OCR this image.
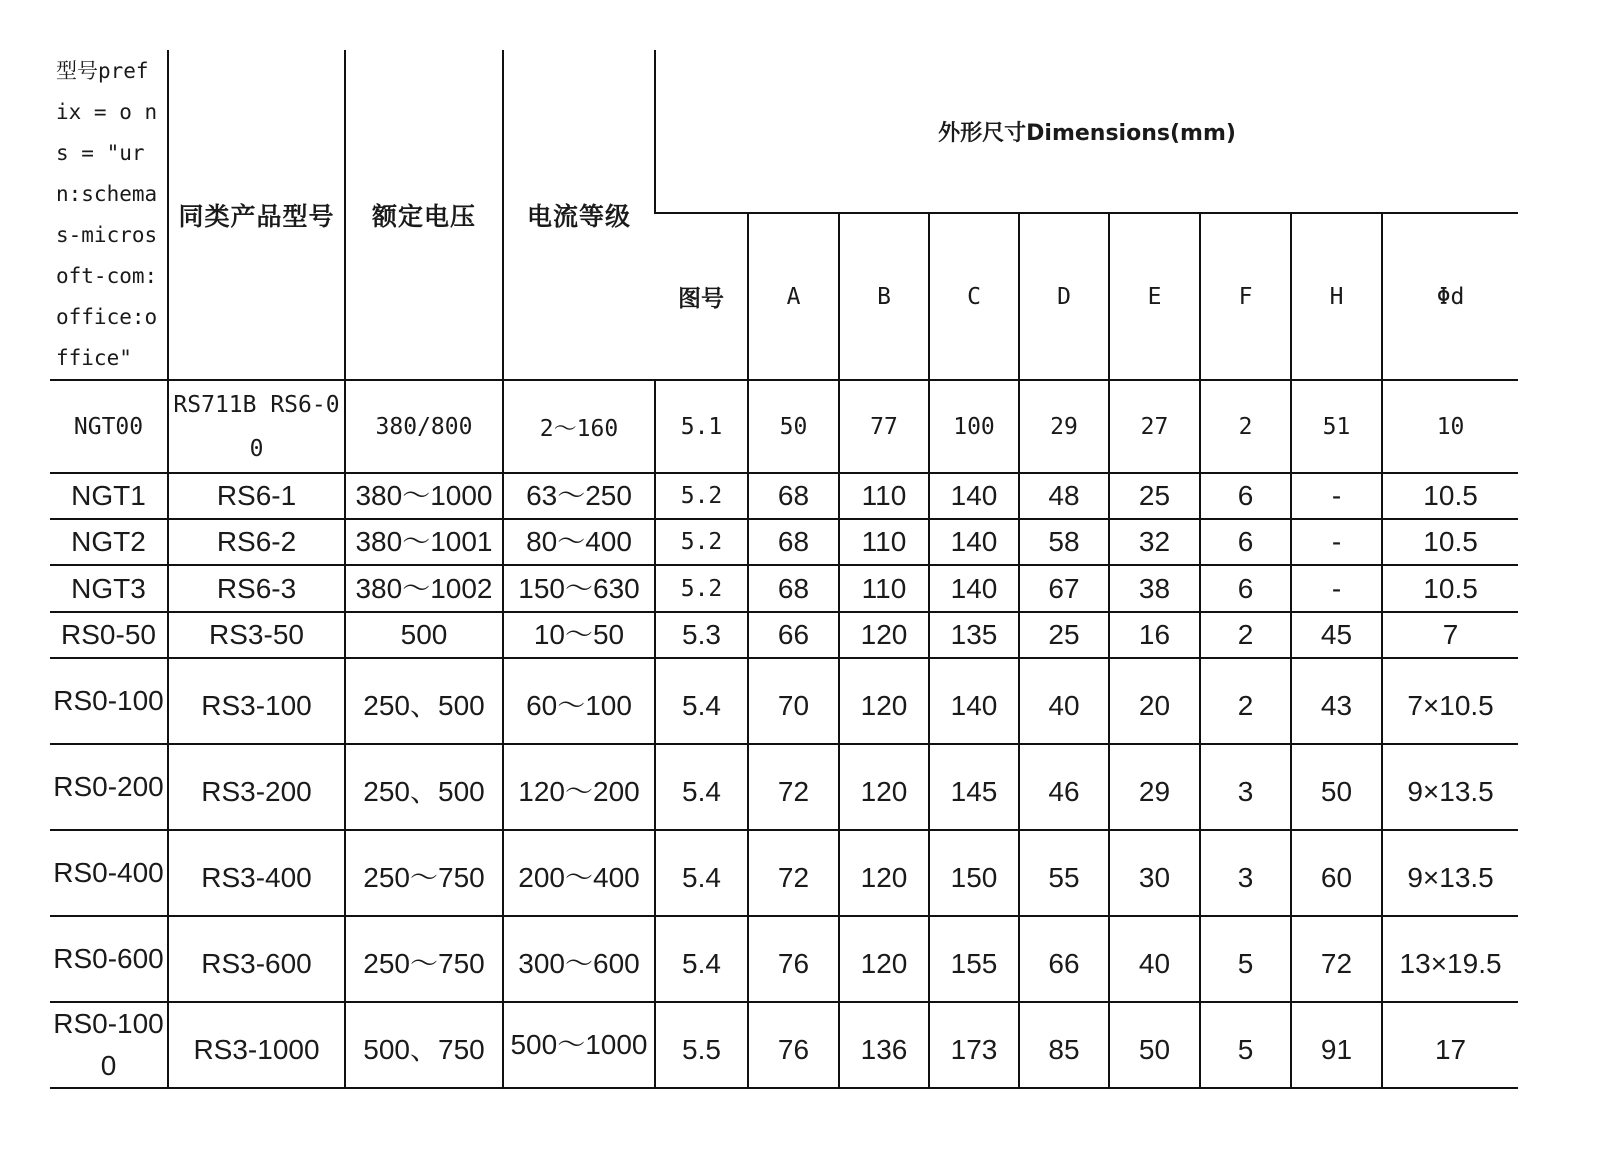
型号pref ix = o n s = "ur n:schema s-micros oft-com: office:o ffice"	同类产品型号	额定电压	电流等级	外形尺寸Dimensions(mm)								
				图号	A	B	C	D	E	F	H	Φd
NGT00	RS711B RS6-00	380/800	2～160	5.1	50	77	100	29	27	2	51	10
NGT1	RS6-1	380～1000	63～250	5.2	68	110	140	48	25	6	-	10.5
NGT2	RS6-2	380～1001	80～400	5.2	68	110	140	58	32	6	-	10.5
NGT3	RS6-3	380～1002	150～630	5.2	68	110	140	67	38	6	-	10.5
RS0-50	RS3-50	500	10～50	5.3	66	120	135	25	16	2	45	7
RS0-100	RS3-100	250、500	60～100	5.4	70	120	140	40	20	2	43	7×10.5
RS0-200	RS3-200	250、500	120～200	5.4	72	120	145	46	29	3	50	9×13.5
RS0-400	RS3-400	250～750	200～400	5.4	72	120	150	55	30	3	60	9×13.5
RS0-600	RS3-600	250～750	300～600	5.4	76	120	155	66	40	5	72	13×19.5
RS0-1000	RS3-1000	500、750	500～1000	5.5	76	136	173	85	50	5	91	17
